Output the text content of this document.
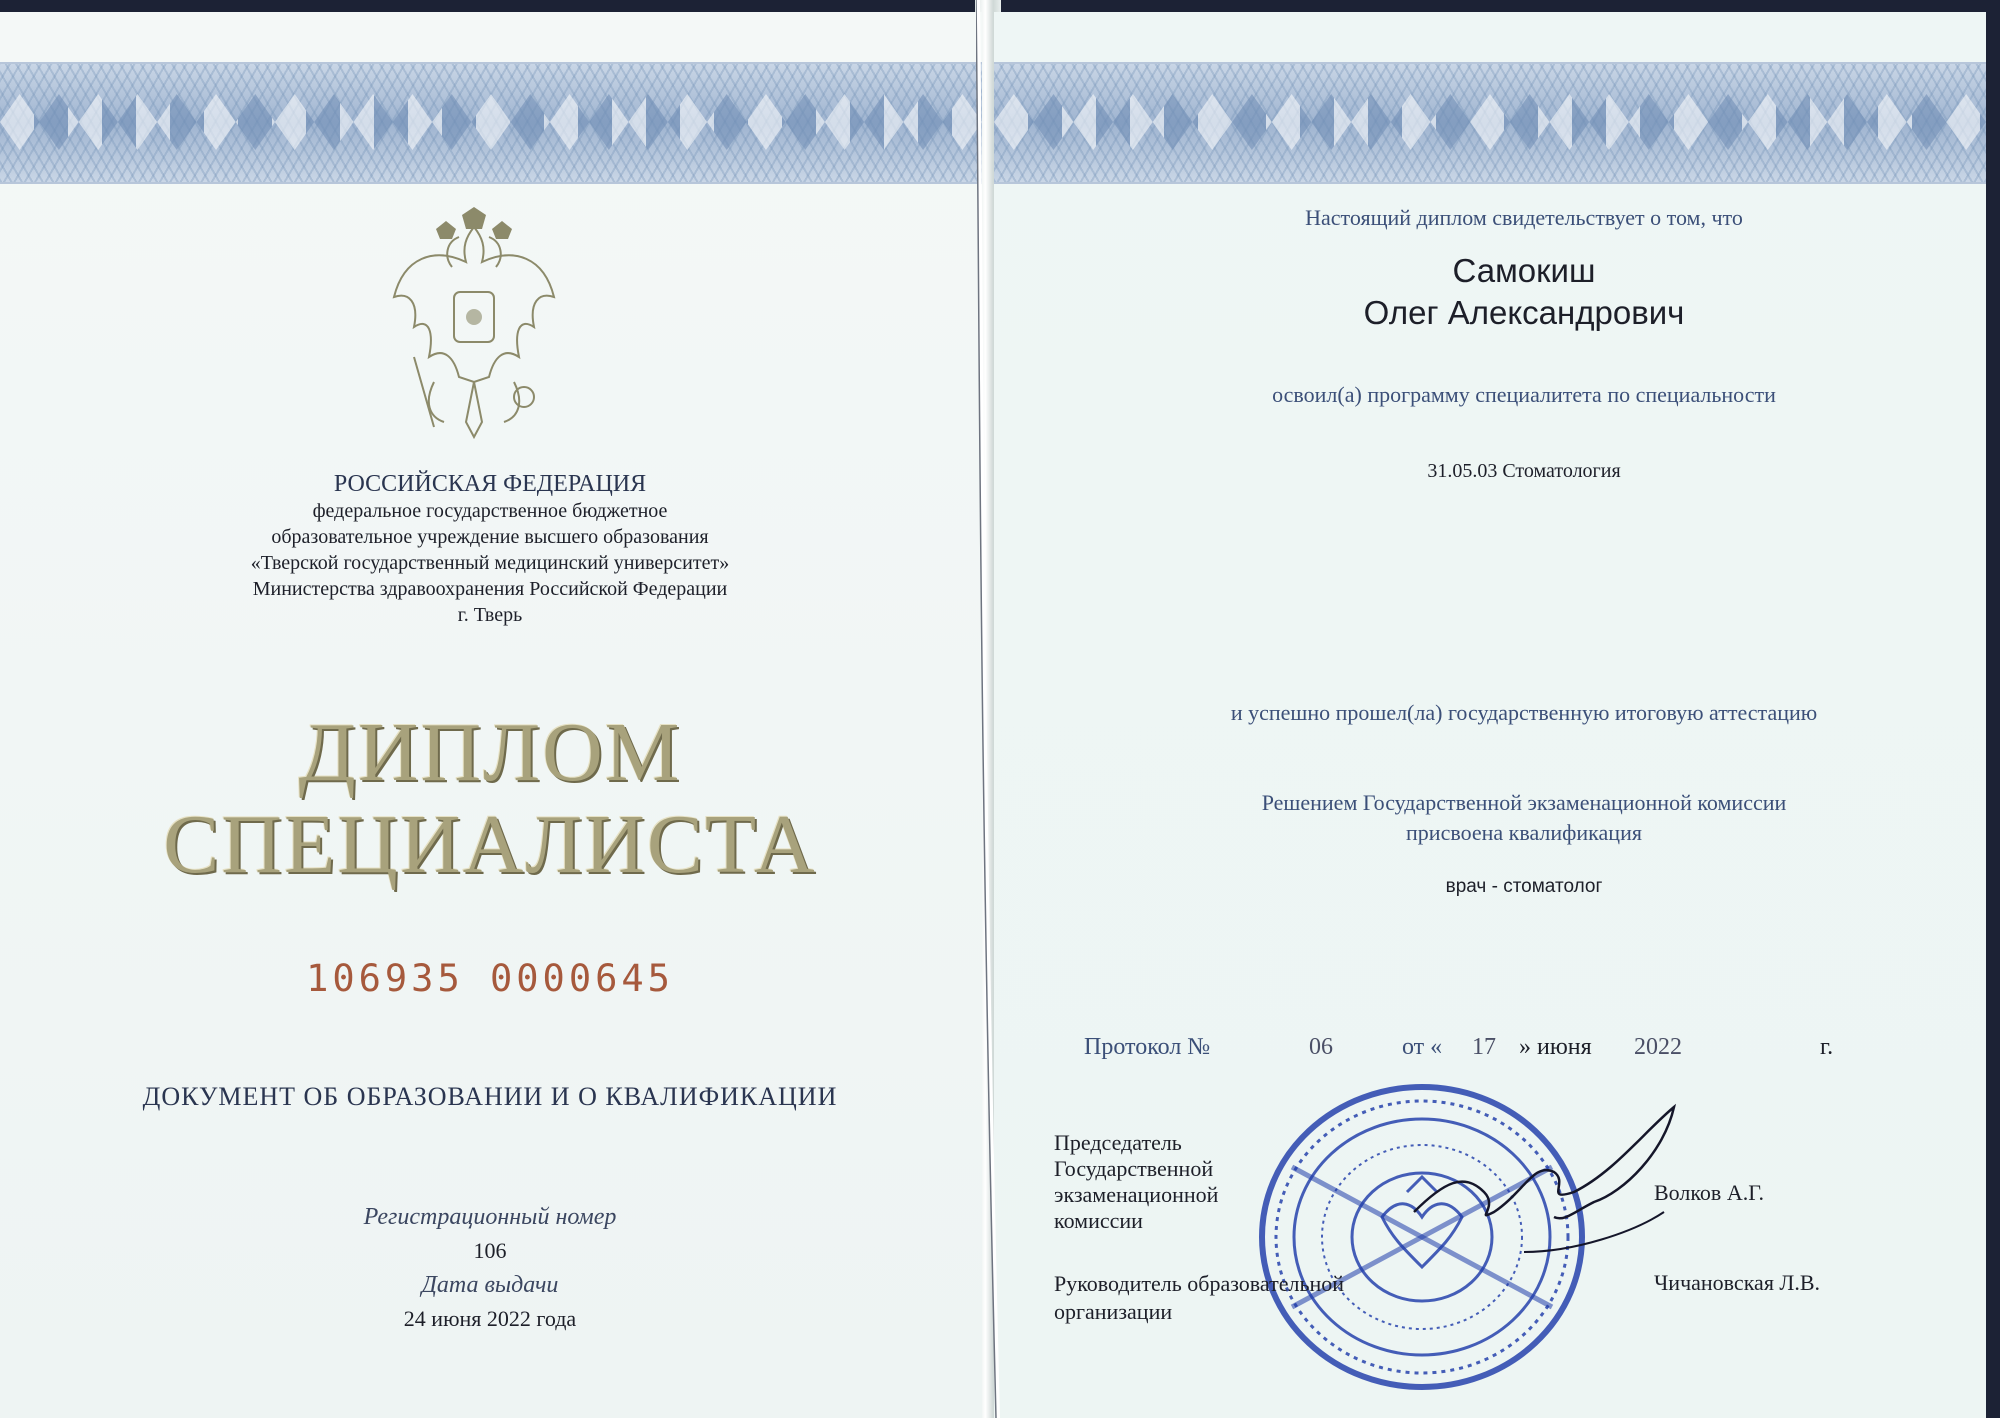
РОССИЙСКАЯ ФЕДЕРАЦИЯ
федеральное государственное бюджетное
образовательное учреждение высшего образования
«Тверской государственный медицинский университет»
Министерства здравоохранения Российской Федерации
г. Тверь
ДИПЛОМ
СПЕЦИАЛИСТА
106935 0000645
ДОКУМЕНТ ОБ ОБРАЗОВАНИИ И О КВАЛИФИКАЦИИ
Регистрационный номер
106
Дата выдачи
24 июня 2022 года
Настоящий диплом свидетельствует о том, что
Самокиш
Олег Александрович
освоил(а) программу специалитета по специальности
31.05.03 Стоматология
и успешно прошел(ла) государственную итоговую аттестацию
Решением Государственной экзаменационной комиссии
присвоена квалификация
врач - стоматолог
Протокол №	06	от « 17 » июня 2022	г.
Председатель
Государственной
экзаменационной
комиссии
Волков А.Г.
Руководитель образовательной
организации
Чичановская Л.В.
